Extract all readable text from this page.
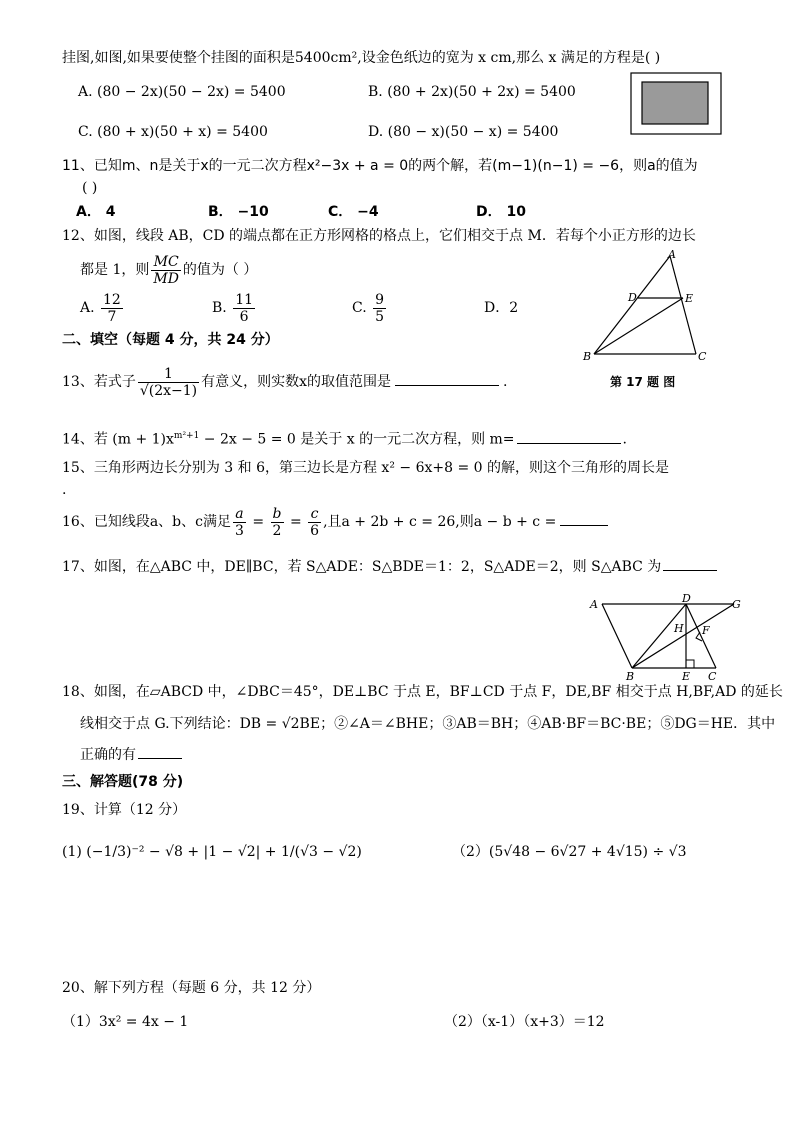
挂图,如图,如果要使整个挂图的面积是5400cm²,设金色纸边的宽为 x cm,那么 x 满足的方程是( )
A. (80 − 2x)(50 − 2x) = 5400	B. (80 + 2x)(50 + 2x) = 5400
C. (80 + x)(50 + x) = 5400	D. (80 − x)(50 − x) = 5400
11、已知m、n是关于x的一元二次方程x²−3x + a = 0的两个解，若(m−1)(n−1) = −6，则a的值为
( )
A． 4	B． −10	C． −4	D． 10
12、如图，线段 AB，CD 的端点都在正方形网格的格点上，它们相交于点 M．若每个小正方形的边长
都是 1，则 $\frac{MC}{MD}$ 的值为（ ）
A. $\frac{12}{7}$	B. $\frac{11}{6}$	C. $\frac{9}{5}$	D．2
A
D	E
B	C
第 17 题 图
二、填空（每题 4 分，共 24 分）
13、若式子 $\frac{1}{√(2x-1)}$ 有意义，则实数x的取值范围是	.
14、若 $(m + 1)x^{m^2+1} - 2x - 5 = 0$ 是关于 x 的一元二次方程，则 m=	.
15、三角形两边长分别为 3 和 6，第三边长是方程 x² − 6x+8 = 0 的解，则这个三角形的周长是
.
16、已知线段a、b、c满足 $\frac{a}{3} = \frac{b}{2} = \frac{c}{6}$ ,且a + 2b + c = 26,则a − b + c =
17、如图，在△ABC 中，DE∥BC，若 S△ADE：S△BDE＝1：2，S△ADE＝2，则 S△ABC 为
A	D	G
H F
B	E C
18、如图，在▱ABCD 中，∠DBC＝45°，DE⊥BC 于点 E，BF⊥CD 于点 F，DE,BF 相交于点 H,BF,AD 的延长
线相交于点 G.下列结论：DB = √2BE；②∠A＝∠BHE；③AB＝BH；④AB·BF＝BC·BE；⑤DG＝HE．其中
正确的有
三、解答题(78 分)
19、计算（12 分）
(1) (−1/3)⁻² − √8 + |1 − √2| + 1/(√3 − √2)	（2）(5√48 − 6√27 + 4√15) ÷ √3
20、解下列方程（每题 6 分，共 12 分）
（1）3x² = 4x − 1	（2）（x-1）（x+3）＝12
